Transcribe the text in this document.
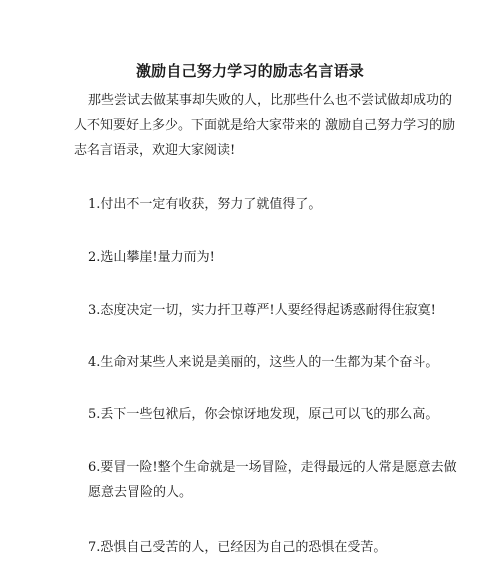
激励自己努力学习的励志名言语录
那些尝试去做某事却失败的人，比那些什么也不尝试做却成功的
人不知要好上多少。下面就是给大家带来的 激励自己努力学习的励
志名言语录，欢迎大家阅读!
1.付出不一定有收获，努力了就值得了。
2.选山攀崖!量力而为!
3.态度决定一切，实力扞卫尊严!人要经得起诱惑耐得住寂寞!
4.生命对某些人来说是美丽的，这些人的一生都为某个奋斗。
5.丢下一些包袱后，你会惊讶地发现，原己可以飞的那么高。
6.要冒一险!整个生命就是一场冒险，走得最远的人常是愿意去做
愿意去冒险的人。
7.恐惧自己受苦的人，已经因为自己的恐惧在受苦。
